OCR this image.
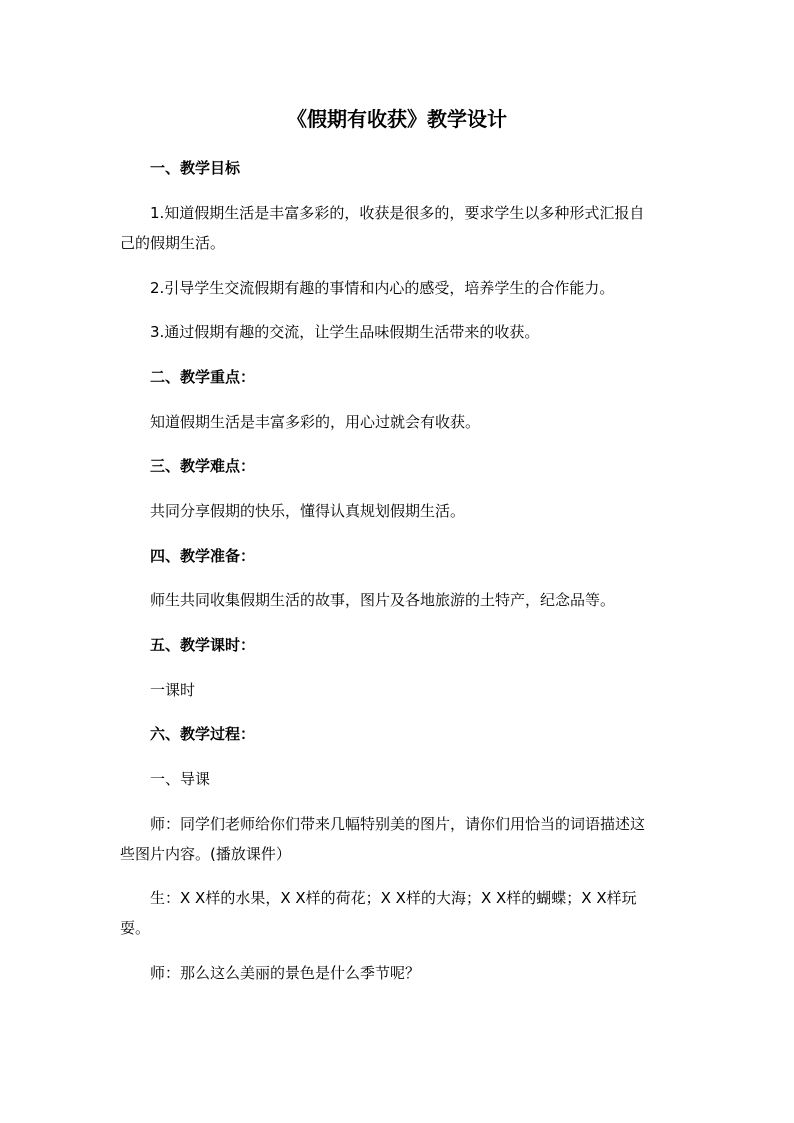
《假期有收获》教学设计
一、教学目标
1.知道假期生活是丰富多彩的，收获是很多的，要求学生以多种形式汇报自
己的假期生活。
2.引导学生交流假期有趣的事情和内心的感受，培养学生的合作能力。
3.通过假期有趣的交流，让学生品味假期生活带来的收获。
二、教学重点：
知道假期生活是丰富多彩的，用心过就会有收获。
三、教学难点：
共同分享假期的快乐，懂得认真规划假期生活。
四、教学准备：
师生共同收集假期生活的故事，图片及各地旅游的土特产，纪念品等。
五、教学课时：
一课时
六、教学过程：
一、导课
师：同学们老师给你们带来几幅特别美的图片，请你们用恰当的词语描述这
些图片内容。(播放课件）
生：X X样的水果，X X样的荷花；X X样的大海；X X样的蝴蝶；X X样玩
耍。
师：那么这么美丽的景色是什么季节呢？
